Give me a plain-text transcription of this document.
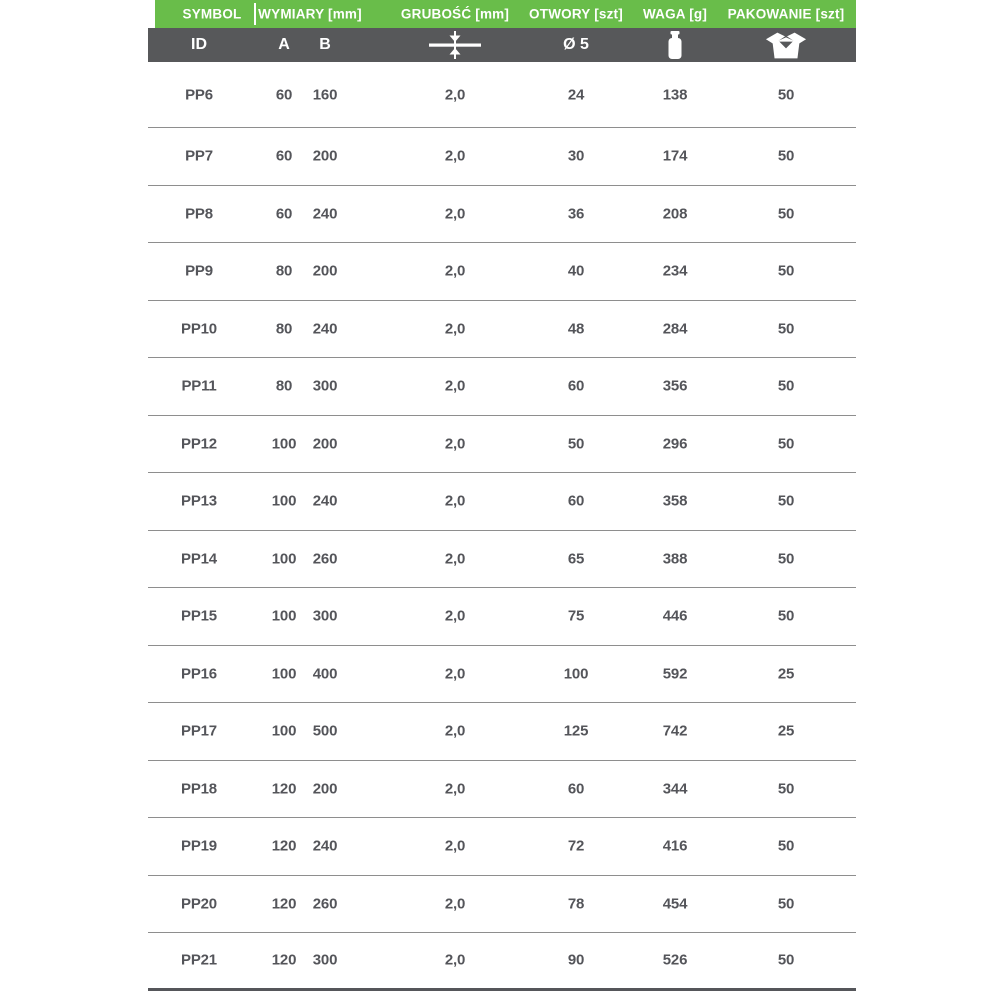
SYMBOL WYMIARY [mm]	GRUBOŚĆ [mm] OTWORY [szt] WAGA [g] PAKOWANIE [szt]
ID	A B	Ø 5
PP6	60 160	2,0	24	138	50
PP7	60 200	2,0	30	174	50
PP8	60 240	2,0	36	208	50
PP9	80 200	2,0	40	234	50
PP10	80 240	2,0	48	284	50
PP11	80 300	2,0	60	356	50
PP12	100 200	2,0	50	296	50
PP13	100 240	2,0	60	358	50
PP14	100 260	2,0	65	388	50
PP15	100 300	2,0	75	446	50
PP16	100 400	2,0	100	592	25
PP17	100 500	2,0	125	742	25
PP18	120 200	2,0	60	344	50
PP19	120 240	2,0	72	416	50
PP20	120 260	2,0	78	454	50
PP21	120 300	2,0	90	526	50
